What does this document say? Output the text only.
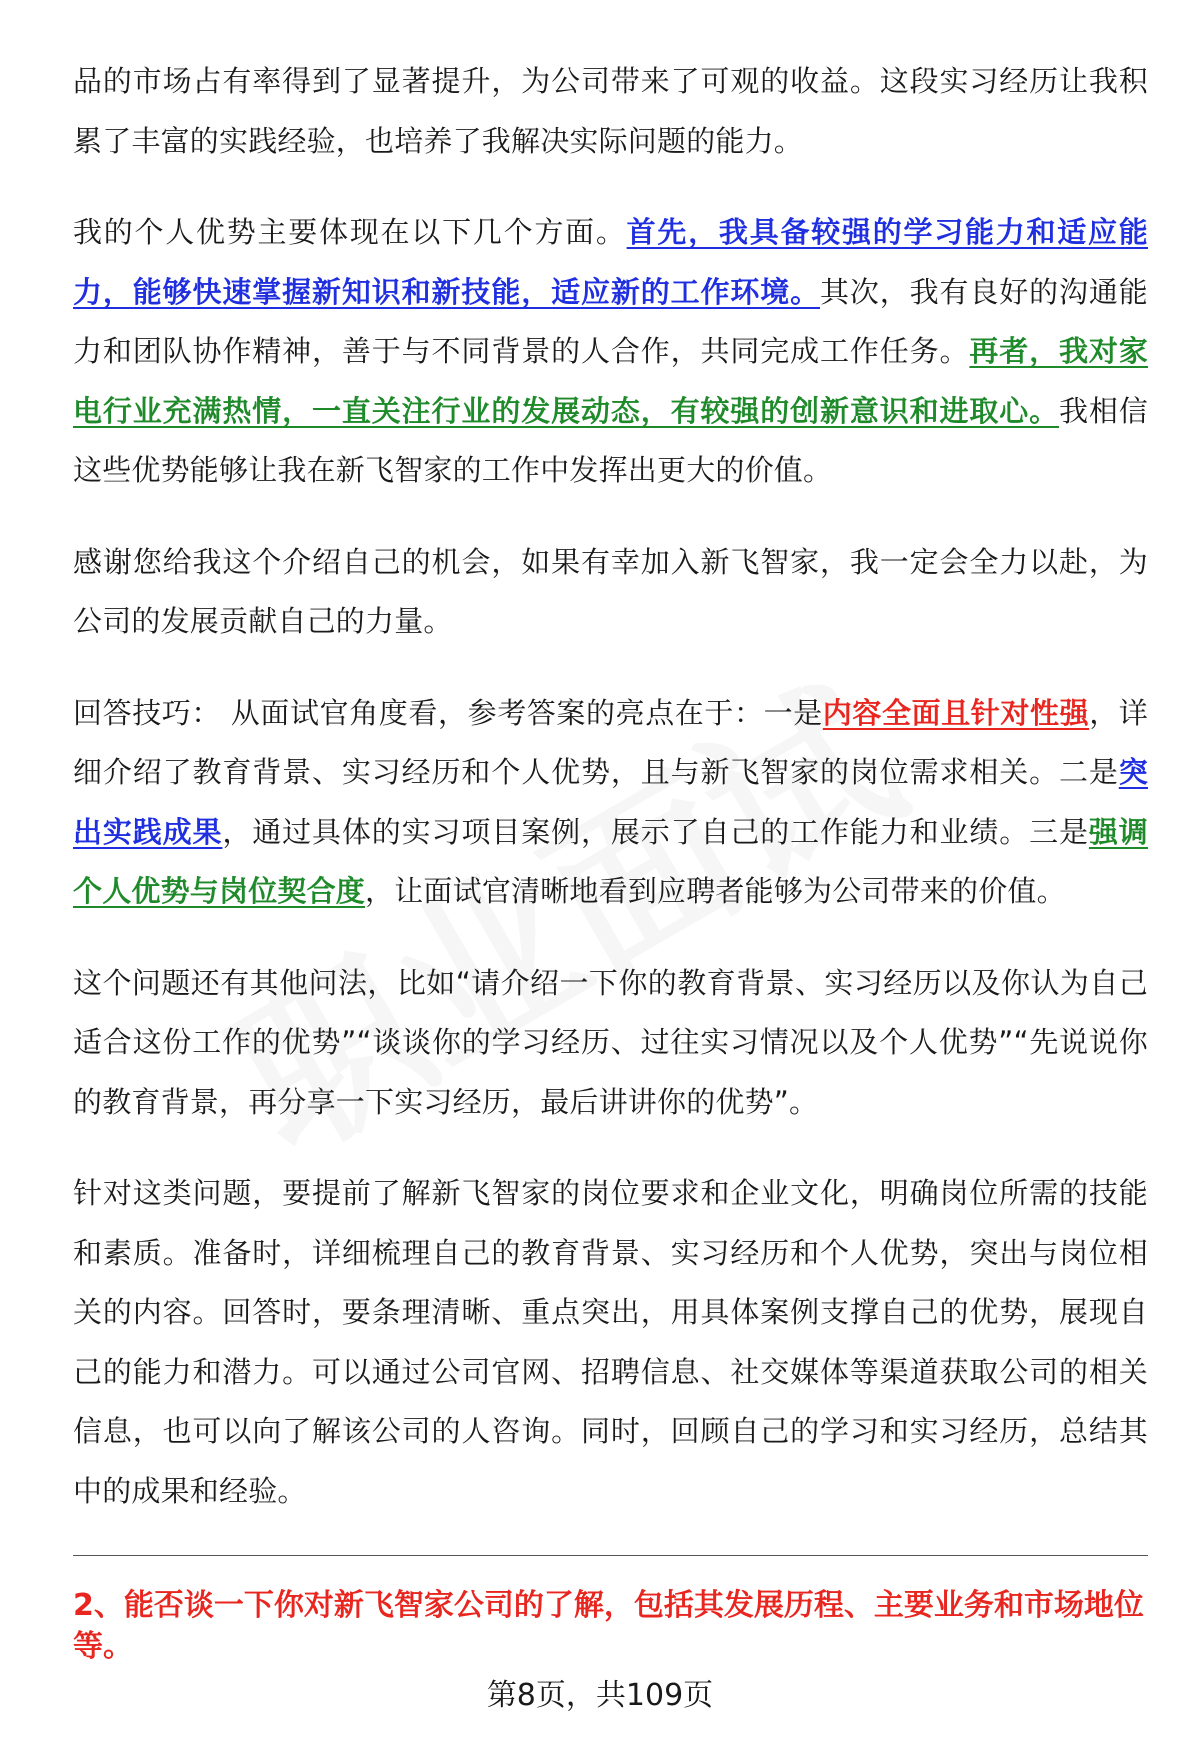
品的市场占有率得到了显著提升，为公司带来了可观的收益。这段实习经历让我积累了丰富的实践经验，也培养了我解决实际问题的能力。

我的个人优势主要体现在以下几个方面。首先，我具备较强的学习能力和适应能力，能够快速掌握新知识和新技能，适应新的工作环境。其次，我有良好的沟通能力和团队协作精神，善于与不同背景的人合作，共同完成工作任务。再者，我对家电行业充满热情，一直关注行业的发展动态，有较强的创新意识和进取心。我相信这些优势能够让我在新飞智家的工作中发挥出更大的价值。

感谢您给我这个介绍自己的机会，如果有幸加入新飞智家，我一定会全力以赴，为公司的发展贡献自己的力量。

回答技巧： 从面试官角度看，参考答案的亮点在于：一是内容全面且针对性强，详细介绍了教育背景、实习经历和个人优势，且与新飞智家的岗位需求相关。二是突出实践成果，通过具体的实习项目案例，展示了自己的工作能力和业绩。三是强调个人优势与岗位契合度，让面试官清晰地看到应聘者能够为公司带来的价值。

这个问题还有其他问法，比如“请介绍一下你的教育背景、实习经历以及你认为自己适合这份工作的优势”“谈谈你的学习经历、过往实习情况以及个人优势”“先说说你的教育背景，再分享一下实习经历，最后讲讲你的优势”。

针对这类问题，要提前了解新飞智家的岗位要求和企业文化，明确岗位所需的技能和素质。准备时，详细梳理自己的教育背景、实习经历和个人优势，突出与岗位相关的内容。回答时，要条理清晰、重点突出，用具体案例支撑自己的优势，展现自己的能力和潜力。可以通过公司官网、招聘信息、社交媒体等渠道获取公司的相关信息，也可以向了解该公司的人咨询。同时，回顾自己的学习和实习经历，总结其中的成果和经验。

2、能否谈一下你对新飞智家公司的了解，包括其发展历程、主要业务和市场地位等。

第8页，共109页
